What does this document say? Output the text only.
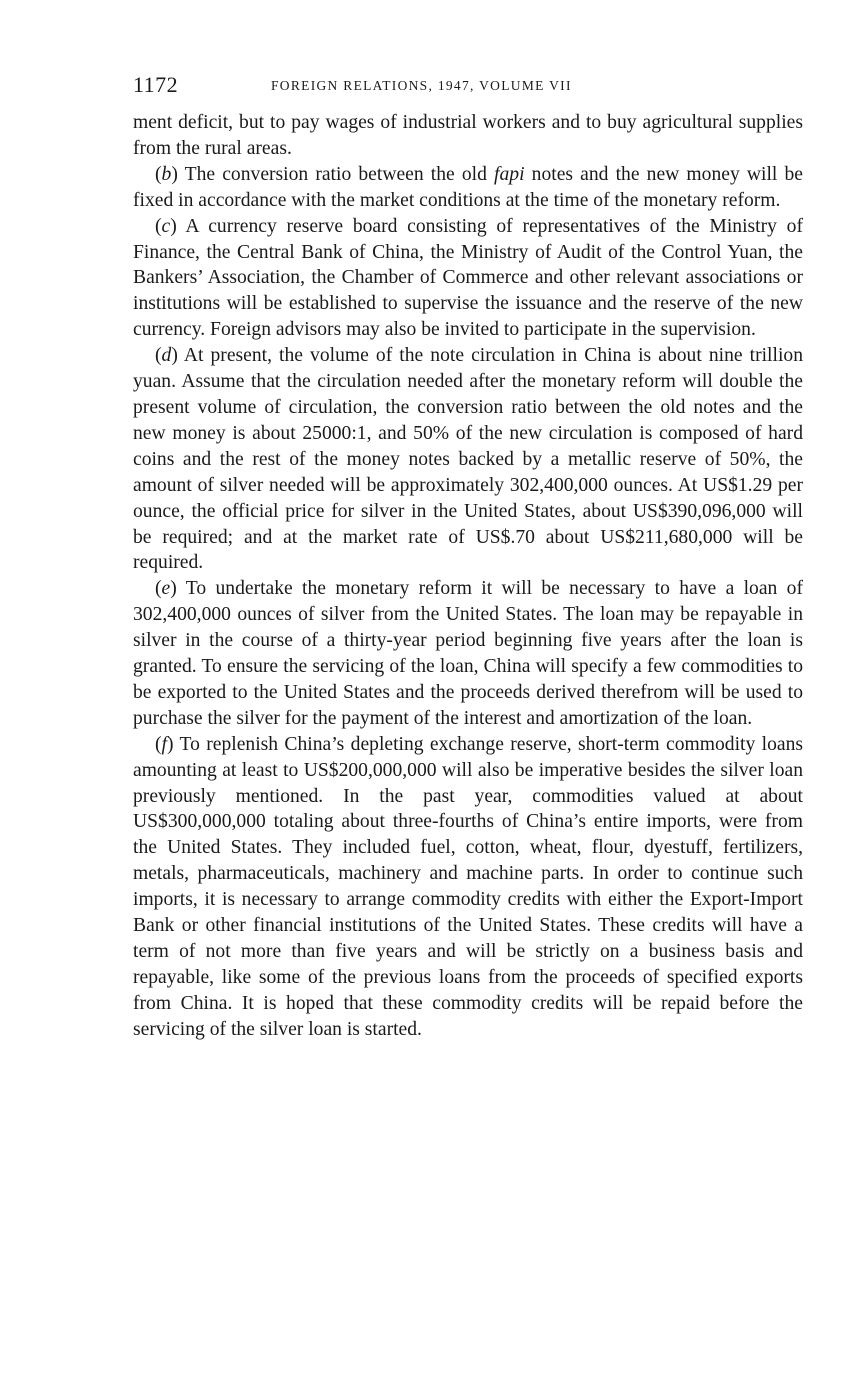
1172	FOREIGN RELATIONS, 1947, VOLUME VII

ment deficit, but to pay wages of industrial workers and to buy agricultural supplies from the rural areas.

(b) The conversion ratio between the old fapi notes and the new money will be fixed in accordance with the market conditions at the time of the monetary reform.

(c) A currency reserve board consisting of representatives of the Ministry of Finance, the Central Bank of China, the Ministry of Audit of the Control Yuan, the Bankers’ Association, the Chamber of Commerce and other relevant associations or institutions will be established to supervise the issuance and the reserve of the new currency. Foreign advisors may also be invited to participate in the supervision.

(d) At present, the volume of the note circulation in China is about nine trillion yuan. Assume that the circulation needed after the monetary reform will double the present volume of circulation, the conversion ratio between the old notes and the new money is about 25000:1, and 50% of the new circulation is composed of hard coins and the rest of the money notes backed by a metallic reserve of 50%, the amount of silver needed will be approximately 302,400,000 ounces. At US$1.29 per ounce, the official price for silver in the United States, about US$390,096,000 will be required; and at the market rate of US$.70 about US$211,680,000 will be required.

(e) To undertake the monetary reform it will be necessary to have a loan of 302,400,000 ounces of silver from the United States. The loan may be repayable in silver in the course of a thirty-year period beginning five years after the loan is granted. To ensure the servicing of the loan, China will specify a few commodities to be exported to the United States and the proceeds derived therefrom will be used to purchase the silver for the payment of the interest and amortization of the loan.

(f) To replenish China’s depleting exchange reserve, short-term commodity loans amounting at least to US$200,000,000 will also be imperative besides the silver loan previously mentioned. In the past year, commodities valued at about US$300,000,000 totaling about three-fourths of China’s entire imports, were from the United States. They included fuel, cotton, wheat, flour, dyestuff, fertilizers, metals, pharmaceuticals, machinery and machine parts. In order to continue such imports, it is necessary to arrange commodity credits with either the Export-Import Bank or other financial institutions of the United States. These credits will have a term of not more than five years and will be strictly on a business basis and repayable, like some of the previous loans from the proceeds of specified exports from China. It is hoped that these commodity credits will be repaid before the servicing of the silver loan is started.
